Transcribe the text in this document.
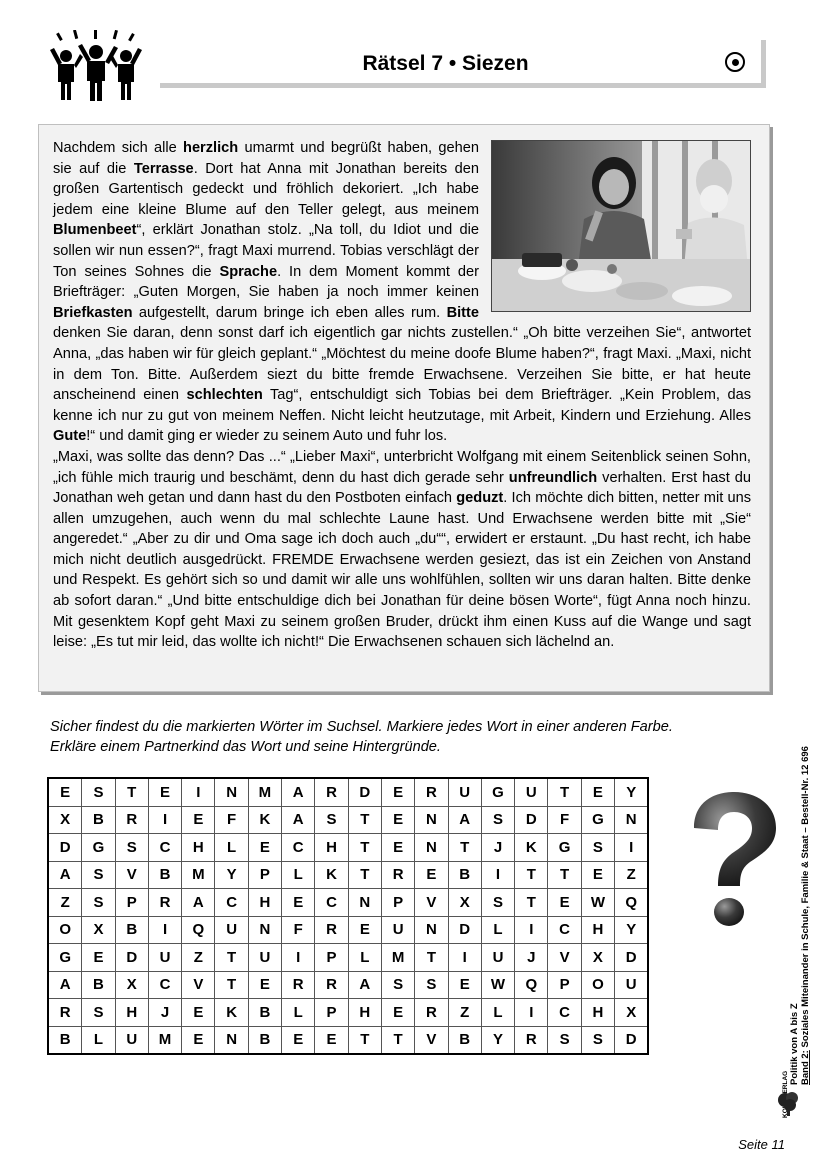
Rätsel 7 • Siezen

Nachdem sich alle herzlich umarmt und begrüßt haben, gehen sie auf die Terrasse. Dort hat Anna mit Jonathan bereits den großen Gartentisch gedeckt und fröhlich dekoriert. „Ich habe jedem eine kleine Blume auf den Teller gelegt, aus meinem Blumenbeet“, erklärt Jonathan stolz. „Na toll, du Idiot und die sollen wir nun essen?“, fragt Maxi murrend. Tobias verschlägt der Ton seines Sohnes die Sprache. In dem Moment kommt der Briefträger: „Guten Morgen, Sie haben ja noch immer keinen Briefkasten aufgestellt, darum bringe ich eben alles rum. Bitte denken Sie daran, denn sonst darf ich eigentlich gar nichts zustellen.“ „Oh bitte verzeihen Sie“, antwortet Anna, „das haben wir für gleich geplant.“ „Möchtest du meine doofe Blume haben?“, fragt Maxi. „Maxi, nicht in dem Ton. Bitte. Außerdem siezt du bitte fremde Erwachsene. Verzeihen Sie bitte, er hat heute anscheinend einen schlechten Tag“, entschuldigt sich Tobias bei dem Briefträger. „Kein Problem, das kenne ich nur zu gut von meinem Neffen. Nicht leicht heutzutage, mit Arbeit, Kindern und Erziehung. Alles Gute!“ und damit ging er wieder zu seinem Auto und fuhr los.

„Maxi, was sollte das denn? Das ...“ „Lieber Maxi“, unterbricht Wolfgang mit einem Seitenblick seinen Sohn, „ich fühle mich traurig und beschämt, denn du hast dich gerade sehr unfreundlich verhalten. Erst hast du Jonathan weh getan und dann hast du den Postboten einfach geduzt. Ich möchte dich bitten, netter mit uns allen umzugehen, auch wenn du mal schlechte Laune hast. Und Erwachsene werden bitte mit „Sie“ angeredet.“ „Aber zu dir und Oma sage ich doch auch „du““, erwidert er erstaunt. „Du hast recht, ich habe mich nicht deutlich ausgedrückt. FREMDE Erwachsene werden gesiezt, das ist ein Zeichen von Anstand und Respekt. Es gehört sich so und damit wir alle uns wohlfühlen, sollten wir uns daran halten. Bitte denke ab sofort daran.“ „Und bitte entschuldige dich bei Jonathan für deine bösen Worte“, fügt Anna noch hinzu. Mit gesenktem Kopf geht Maxi zu seinem großen Bruder, drückt ihm einen Kuss auf die Wange und sagt leise: „Es tut mir leid, das wollte ich nicht!“ Die Erwachsenen schauen sich lächelnd an.

Sicher findest du die markierten Wörter im Suchsel. Markiere jedes Wort in einer anderen Farbe.

Erkläre einem Partnerkind das Wort und seine Hintergründe.

E	S	T	E	I	N	M	A	R	D	E	R	U	G	U	T	E	Y
X	B	R	I	E	F	K	A	S	T	E	N	A	S	D	F	G	N
D	G	S	C	H	L	E	C	H	T	E	N	T	J	K	G	S	I
A	S	V	B	M	Y	P	L	K	T	R	E	B	I	T	T	E	Z
Z	S	P	R	A	C	H	E	C	N	P	V	X	S	T	E	W	Q
O	X	B	I	Q	U	N	F	R	E	U	N	D	L	I	C	H	Y
G	E	D	U	Z	T	U	I	P	L	M	T	I	U	J	V	X	D
A	B	X	C	V	T	E	R	R	A	S	S	E	W	Q	P	O	U
R	S	H	J	E	K	B	L	P	H	E	R	Z	L	I	C	H	X
B	L	U	M	E	N	B	E	E	T	T	V	B	Y	R	S	S	D	Politik von A bis Z Band 2: Soziales Miteinander in Schule, Familie & Staat – Bestell-Nr. 12 696
Seite 11
